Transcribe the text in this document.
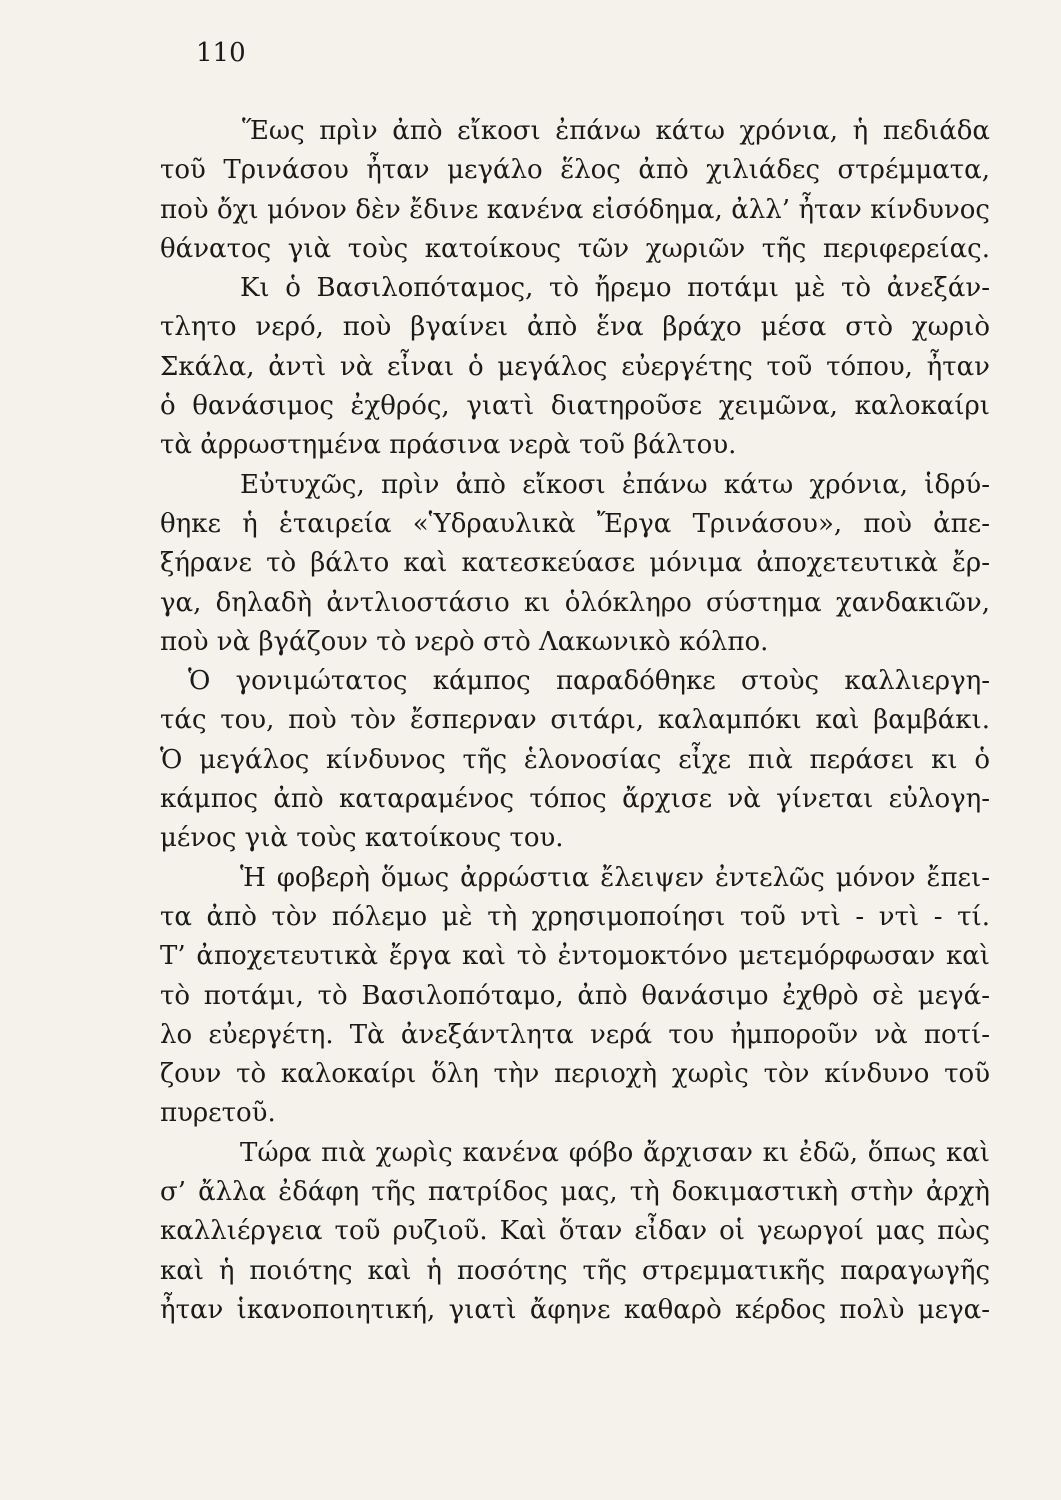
110
Ἕως πρὶν ἀπὸ εἴκοσι ἐπάνω κάτω χρόνια, ἡ πεδιάδα
τοῦ Τρινάσου ἦταν μεγάλο ἕλος ἀπὸ χιλιάδες στρέμματα,
ποὺ ὄχι μόνον δὲν ἔδινε κανένα εἰσόδημα, ἀλλ’ ἦταν κίνδυνος
θάνατος γιὰ τοὺς κατοίκους τῶν χωριῶν τῆς περιφερείας.
Κι ὁ Βασιλοπόταμος, τὸ ἤρεμο ποτάμι μὲ τὸ ἀνεξάν-
τλητο νερό, ποὺ βγαίνει ἀπὸ ἕνα βράχο μέσα στὸ χωριὸ
Σκάλα, ἀντὶ νὰ εἶναι ὁ μεγάλος εὐεργέτης τοῦ τόπου, ἦταν
ὁ θανάσιμος ἐχθρός, γιατὶ διατηροῦσε χειμῶνα, καλοκαίρι
τὰ ἀρρωστημένα πράσινα νερὰ τοῦ βάλτου.
Εὐτυχῶς, πρὶν ἀπὸ εἴκοσι ἐπάνω κάτω χρόνια, ἱδρύ-
θηκε ἡ ἑταιρεία «Ὑδραυλικὰ Ἔργα Τρινάσου», ποὺ ἀπε-
ξήρανε τὸ βάλτο καὶ κατεσκεύασε μόνιμα ἀποχετευτικὰ ἔρ-
γα, δηλαδὴ ἀντλιοστάσιο κι ὁλόκληρο σύστημα χανδακιῶν,
ποὺ νὰ βγάζουν τὸ νερὸ στὸ Λακωνικὸ κόλπο.
Ὁ γονιμώτατος κάμπος παραδόθηκε στοὺς καλλιεργη-
τάς του, ποὺ τὸν ἔσπερναν σιτάρι, καλαμπόκι καὶ βαμβάκι.
Ὁ μεγάλος κίνδυνος τῆς ἑλονοσίας εἶχε πιὰ περάσει κι ὁ
κάμπος ἀπὸ καταραμένος τόπος ἄρχισε νὰ γίνεται εὐλογη-
μένος γιὰ τοὺς κατοίκους του.
Ἡ φοβερὴ ὅμως ἀρρώστια ἔλειψεν ἐντελῶς μόνον ἔπει-
τα ἀπὸ τὸν πόλεμο μὲ τὴ χρησιμοποίησι τοῦ ντὶ - ντὶ - τί.
Τ’ ἀποχετευτικὰ ἔργα καὶ τὸ ἐντομοκτόνο μετεμόρφωσαν καὶ
τὸ ποτάμι, τὸ Βασιλοπόταμο, ἀπὸ θανάσιμο ἐχθρὸ σὲ μεγά-
λο εὐεργέτη. Τὰ ἀνεξάντλητα νερά του ἠμποροῦν νὰ ποτί-
ζουν τὸ καλοκαίρι ὅλη τὴν περιοχὴ χωρὶς τὸν κίνδυνο τοῦ
πυρετοῦ.
Τώρα πιὰ χωρὶς κανένα φόβο ἄρχισαν κι ἐδῶ, ὅπως καὶ
σ’ ἄλλα ἐδάφη τῆς πατρίδος μας, τὴ δοκιμαστικὴ στὴν ἀρχὴ
καλλιέργεια τοῦ ρυζιοῦ. Καὶ ὅταν εἶδαν οἱ γεωργοί μας πὼς
καὶ ἡ ποιότης καὶ ἡ ποσότης τῆς στρεμματικῆς παραγωγῆς
ἦταν ἱκανοποιητική, γιατὶ ἄφηνε καθαρὸ κέρδος πολὺ μεγα-
